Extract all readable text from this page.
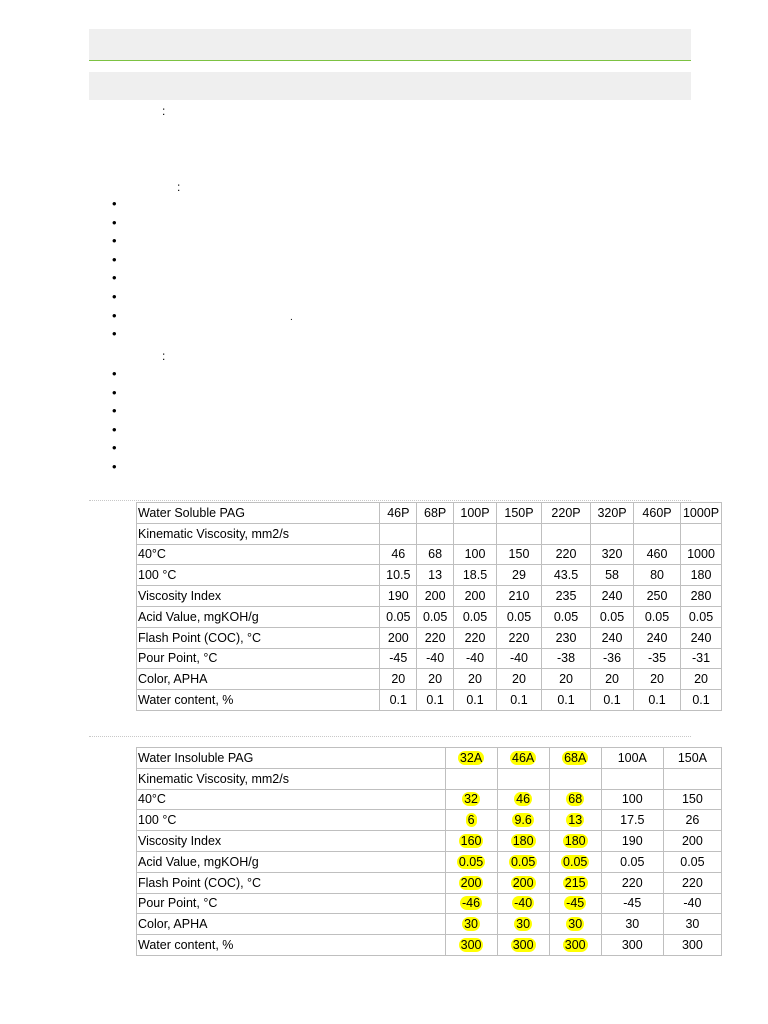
:
:
.
:
Water Soluble PAG	46P	68P	100P	150P	220P	320P	460P	1000P
Kinematic Viscosity, mm2/s								
40°C	46	68	100	150	220	320	460	1000
100 °C	10.5	13	18.5	29	43.5	58	80	180
Viscosity Index	190	200	200	210	235	240	250	280
Acid Value, mgKOH/g	0.05	0.05	0.05	0.05	0.05	0.05	0.05	0.05
Flash Point (COC), °C	200	220	220	220	230	240	240	240
Pour Point, °C	-45	-40	-40	-40	-38	-36	-35	-31
Color, APHA	20	20	20	20	20	20	20	20
Water content, %	0.1	0.1	0.1	0.1	0.1	0.1	0.1	0.1
Water Insoluble PAG	32A	46A	68A	100A	150A
Kinematic Viscosity, mm2/s					
40°C	32	46	68	100	150
100 °C	6	9.6	13	17.5	26
Viscosity Index	160	180	180	190	200
Acid Value, mgKOH/g	0.05	0.05	0.05	0.05	0.05
Flash Point (COC), °C	200	200	215	220	220
Pour Point, °C	-46	-40	-45	-45	-40
Color, APHA	30	30	30	30	30
Water content, %	300	300	300	300	300
